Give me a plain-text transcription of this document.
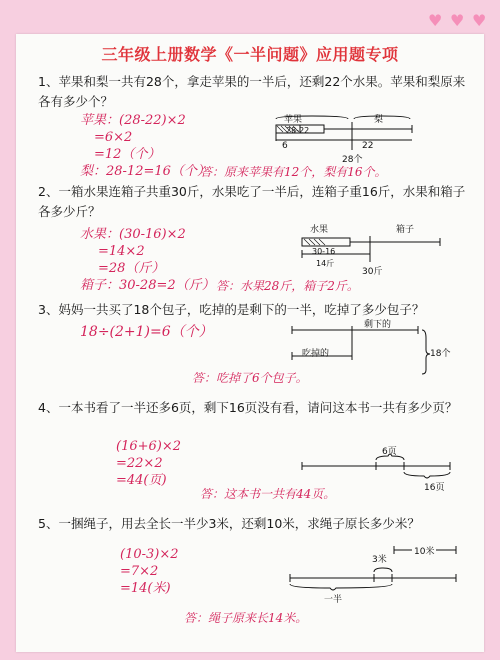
♥ ♥ ♥
三年级上册数学《一半问题》应用题专项
1、苹果和梨一共有28个，拿走苹果的一半后，还剩22个水果。苹果和梨原来各有多少个？
苹果：(28-22)×2
=6×2
=12（个）
梨：28-12=16（个）
答：原来苹果有12个，梨有16个。
苹果	梨
28-22
6	22
28个
2、一箱水果连箱子共重30斤，水果吃了一半后，连箱子重16斤，水果和箱子各多少斤？
水果：(30-16)×2
=14×2
=28（斤）
箱子：30-28=2（斤） 答：水果28斤，箱子2斤。
水果	箱子
30-16
14斤
30斤
3、妈妈一共买了18个包子，吃掉的是剩下的一半，吃掉了多少包子？
18÷(2+1)=6（个）
答：吃掉了6个包子。
剩下的
吃掉的	18个
4、一本书看了一半还多6页，剩下16页没有看，请问这本书一共有多少页？
(16+6)×2
=22×2
=44(页)
答：这本书一共有44页。
6页
16页
5、一捆绳子，用去全长一半少3米，还剩10米，求绳子原长多少米？
(10-3)×2
=7×2
=14(米)
答：绳子原来长14米。
3米
10米
一半
